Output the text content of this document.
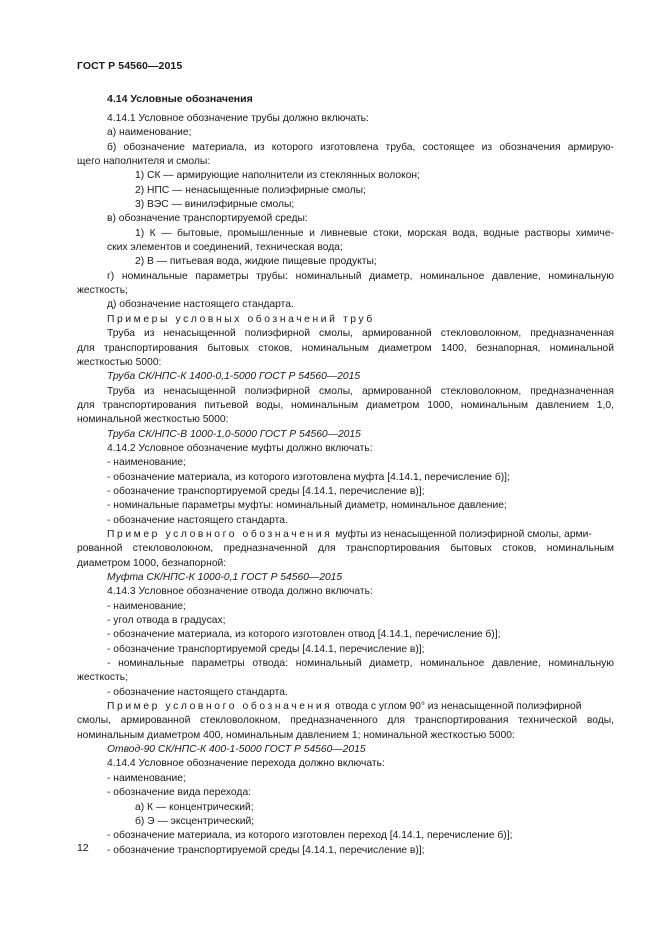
ГОСТ Р 54560—2015
4.14 Условные обозначения
4.14.1 Условное обозначение трубы должно включать:
а) наименование;
б) обозначение материала, из которого изготовлена труба, состоящее из обозначения армирую-
щего наполнителя и смолы:
1) СК — армирующие наполнители из стеклянных волокон;
2) НПС — ненасыщенные полиэфирные смолы;
3) ВЭС — винилэфирные смолы;
в) обозначение транспортируемой среды:
1) К — бытовые, промышленные и ливневые стоки, морская вода, водные растворы химиче-
ских элементов и соединений, техническая вода;
2) В — питьевая вода, жидкие пищевые продукты;
г) номинальные параметры трубы: номинальный диаметр, номинальное давление, номинальную
жесткость;
д) обозначение настоящего стандарта.
Примеры условных обозначений труб
Труба из ненасыщенной полиэфирной смолы, армированной стекловолокном, предназначенная
для транспортирования бытовых стоков, номинальным диаметром 1400, безнапорная, номинальной
жесткостью 5000:
Труба СК/НПС-К 1400-0,1-5000 ГОСТ Р 54560—2015
Труба из ненасыщенной полиэфирной смолы, армированной стекловолокном, предназначенная
для транспортирования питьевой воды, номинальным диаметром 1000, номинальным давлением 1,0,
номинальной жесткостью 5000:
Труба СК/НПС-В 1000-1,0-5000 ГОСТ Р 54560—2015
4.14.2 Условное обозначение муфты должно включать:
- наименование;
- обозначение материала, из которого изготовлена муфта [4.14.1, перечисление б)];
- обозначение транспортируемой среды [4.14.1, перечисление в)];
- номинальные параметры муфты: номинальный диаметр, номинальное давление;
- обозначение настоящего стандарта.
Пример условного обозначения муфты из ненасыщенной полиэфирной смолы, арми-
рованной стекловолокном, предназначенной для транспортирования бытовых стоков, номинальным
диаметром 1000, безнапорной:
Муфта СК/НПС-К 1000-0,1 ГОСТ Р 54560—2015
4.14.3 Условное обозначение отвода должно включать:
- наименование;
- угол отвода в градусах;
- обозначение материала, из которого изготовлен отвод [4.14.1, перечисление б)];
- обозначение транспортируемой среды [4.14.1, перечисление в)];
- номинальные параметры отвода: номинальный диаметр, номинальное давление, номинальную
жесткость;
- обозначение настоящего стандарта.
Пример условного обозначения отвода с углом 90° из ненасыщенной полиэфирной
смолы, армированной стекловолокном, предназначенного для транспортирования технической воды,
номинальным диаметром 400, номинальным давлением 1; номинальной жесткостью 5000:
Отвод-90 СК/НПС-К 400-1-5000 ГОСТ Р 54560—2015
4.14.4 Условное обозначение перехода должно включать:
- наименование;
- обозначение вида перехода:
а) К — концентрический;
б) Э — эксцентрический;
- обозначение материала, из которого изготовлен переход [4.14.1, перечисление б)];
- обозначение транспортируемой среды [4.14.1, перечисление в)];
12
